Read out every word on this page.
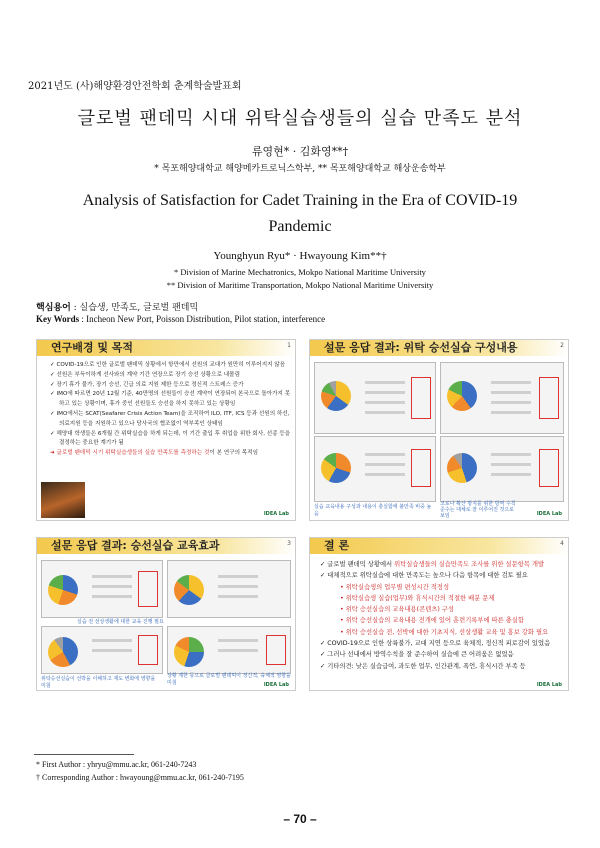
2021년도 (사)해양환경안전학회 춘계학술발표회
글로벌 팬데믹 시대 위탁실습생들의 실습 만족도 분석
류영현* · 김화영**†
* 목포해양대학교 해양메카트로닉스학부, ** 목포해양대학교 해상운송학부
Analysis of Satisfaction for Cadet Training in the Era of COVID-19 Pandemic
Younghyun Ryu* · Hwayoung Kim**†
* Division of Marine Mechatronics, Mokpo National Maritime University
** Division of Maritime Transportation, Mokpo National Maritime University
핵심용어 : 실습생, 만족도, 글로벌 팬데믹
Key Words : Incheon New Port, Poisson Distribution, Pilot station, interference
연구배경 및 목적	1
✓ COVID-19으로 인한 글로벌 팬데믹 상황에서 항만에서 선원의 교대가 원만히 이루어지지 않음
✓ 선원은 부득이하게 선사와의 계약 기간 연장으로 장기 승선 상황으로 내몰림
✓ 장기 휴가 불가, 장기 승선, 긴급 의료 지원 제한 등으로 정신적 스트레스 증가
✓ IMO에 따르면 20년 12월 기준, 40만명의 선원들이 승선 계약이 연장되어 본국으로 돌아가지 못하고 있는 상황이며, 휴가 중인 선원들도 승선을 하지 못하고 있는 상황임
✓ IMO에서는 SCAT(Seafarer Crisis Action Team)을 조직하여 ILO, ITF, ICS 등과 선원의 하선, 의료지원 등을 지원하고 있으나 당사국의 협조없이 역부족인 상태임
✓ 해양대 학생들은 6개월 간 위탁실습을 하게 되는데, 이 기간 출입 후 취업을 위한 회사, 선종 등을 결정하는 중요한 계기가 됨
➜ 글로벌 팬데믹 시기 위탁실습생들의 실습 만족도를 측정하는 것이 본 연구의 목적임
IDEA Lab
설문 응답 결과: 위탁 승선실습 구성내용	2
실습 교육내용 구성과 내용이 충실함에 불만족 비중 높음
코로나 확산 방지를 위한 방역 수칙 준수는 대체로 잘 이루어진 것으로 보임	IDEA Lab
설문 응답 결과: 승선실습 교육효과	3
실습 전 선상생활에 대한 교육 진행 필요
위탁승선실습이 선박을 이해하고 재도 변화에 영향을 미침
상황 제한 등으로 글로벌 팬데믹이 정신적, 육체적 영향을 미침	IDEA Lab
결 론	4
✓ 글로벌 팬데믹 상황에서 위탁실습생들의 실습만족도 조사를 위한 설문항목 개발
✓ 대체적으로 위탁실습에 대한 만족도는 높으나 다음 항목에 대한 검토 필요
• 위탁실습생의 업무별 편성시간 적정성
• 위탁실습생 실습(업무)와 휴식시간의 적절한 배분 문제
• 위탁 승선실습의 교육내용(콘텐츠) 구성
• 위탁 승선실습의 교육내용 전개에 있어 훈련기록부에 따른 충실함
• 위탁 승선실습 전, 선박에 대한 기초지식, 선상생활 교육 및 홍보 강화 필요
✓ COVID-19으로 인한 상륙불가, 교대 지연 등으로 육체적, 정신적 피로감이 있었음
✓ 그러나 선내에서 방역수칙을 잘 준수하여 실습에 큰 어려움은 없었음
✓ 기타의견: 낮은 실습급여, 과도한 업무, 인간관계, 폭언, 휴식시간 부족 등
IDEA Lab
* First Author : yhryu@mmu.ac.kr, 061-240-7243
† Corresponding Author : hwayoung@mmu.ac.kr, 061-240-7195
– 70 –
